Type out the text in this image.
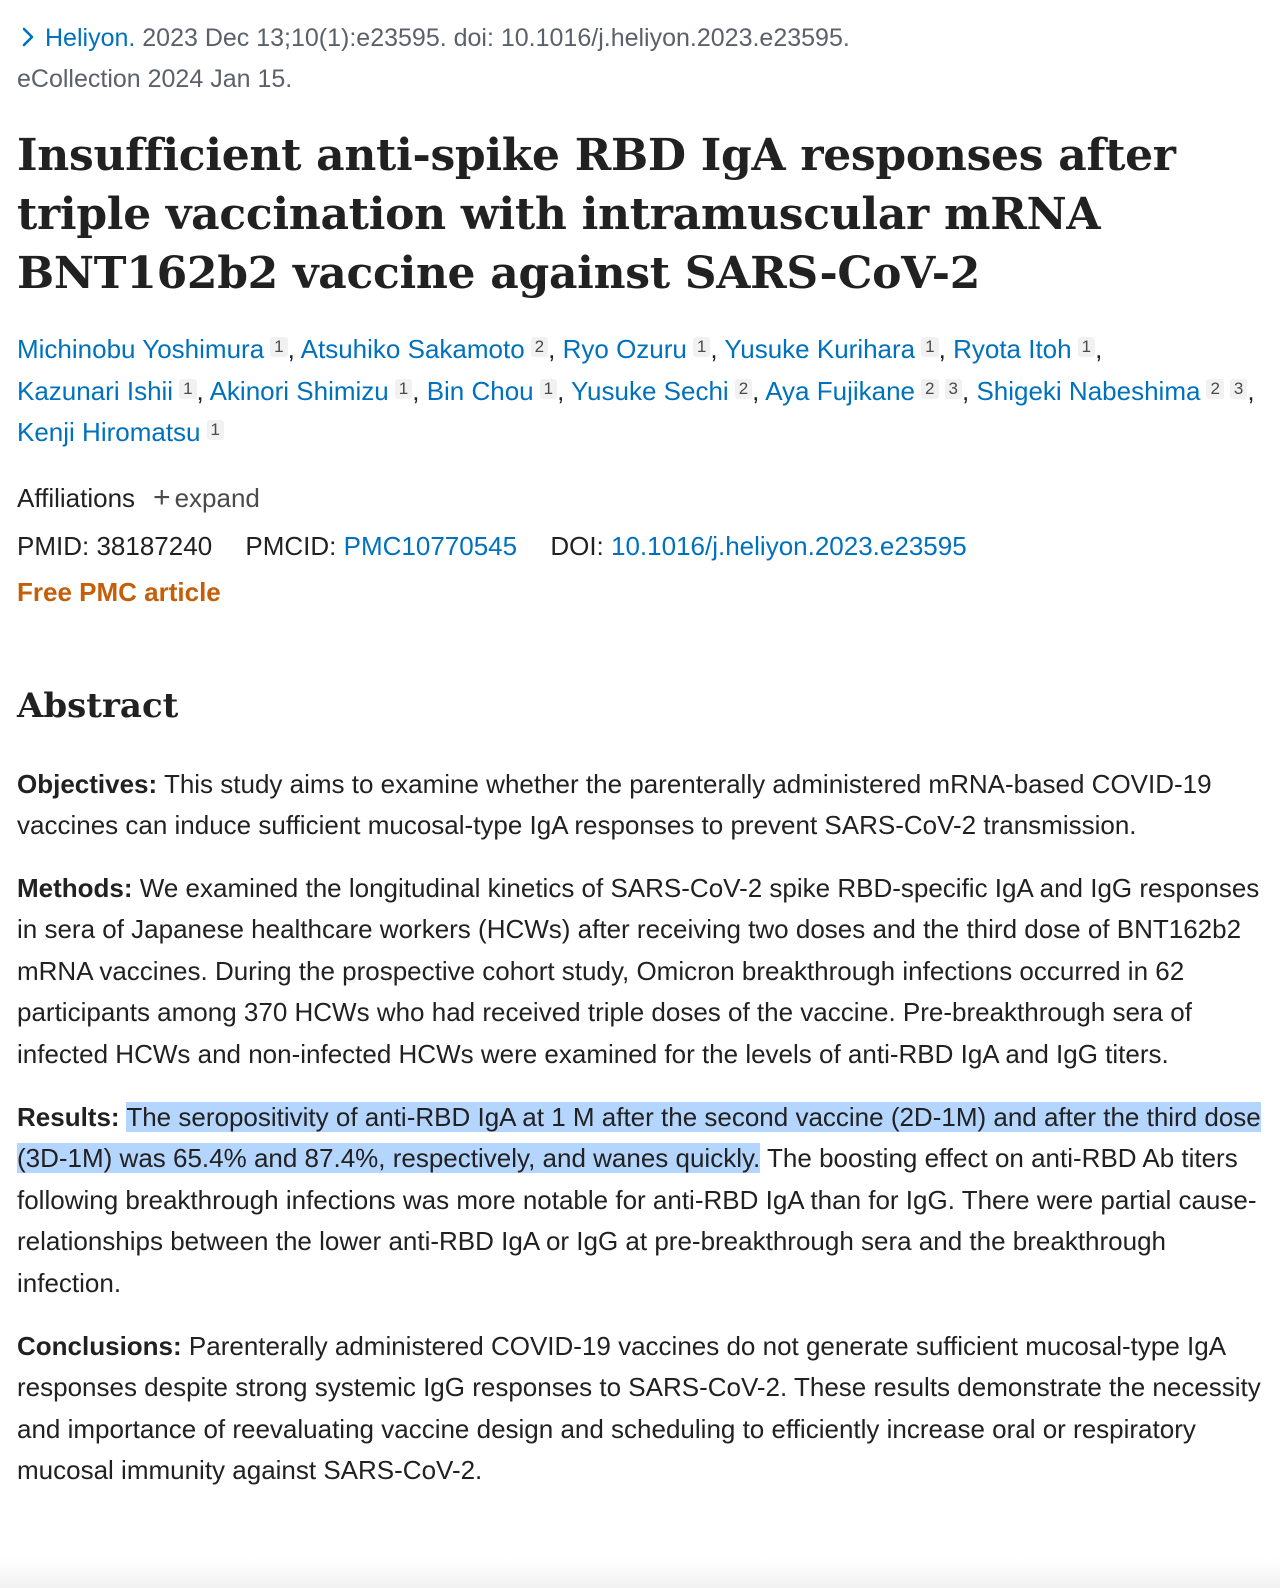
Heliyon. 2023 Dec 13;10(1):e23595. doi: 10.1016/j.heliyon.2023.e23595.
eCollection 2024 Jan 15.
Insufficient anti-spike RBD IgA responses after triple vaccination with intramuscular mRNA BNT162b2 vaccine against SARS-CoV-2
Michinobu Yoshimura 1 , Atsuhiko Sakamoto 2 , Ryo Ozuru 1 , Yusuke Kurihara 1 , Ryota Itoh 1 , Kazunari Ishii 1 , Akinori Shimizu 1 , Bin Chou 1 , Yusuke Sechi 2 , Aya Fujikane 2 3 , Shigeki Nabeshima 2 3 , Kenji Hiromatsu 1
Affiliations + expand
PMID: 38187240 PMCID: PMC10770545 DOI: 10.1016/j.heliyon.2023.e23595
Free PMC article
Abstract

Objectives: This study aims to examine whether the parenterally administered mRNA-based COVID-19 vaccines can induce sufficient mucosal-type IgA responses to prevent SARS-CoV-2 transmission.

Methods: We examined the longitudinal kinetics of SARS-CoV-2 spike RBD-specific IgA and IgG responses in sera of Japanese healthcare workers (HCWs) after receiving two doses and the third dose of BNT162b2 mRNA vaccines. During the prospective cohort study, Omicron breakthrough infections occurred in 62 participants among 370 HCWs who had received triple doses of the vaccine. Pre-breakthrough sera of infected HCWs and non-infected HCWs were examined for the levels of anti-RBD IgA and IgG titers.

Results: The seropositivity of anti-RBD IgA at 1 M after the second vaccine (2D-1M) and after the third dose (3D-1M) was 65.4% and 87.4%, respectively, and wanes quickly. The boosting effect on anti-RBD Ab titers following breakthrough infections was more notable for anti-RBD IgA than for IgG. There were partial cause-relationships between the lower anti-RBD IgA or IgG at pre-breakthrough sera and the breakthrough infection.

Conclusions: Parenterally administered COVID-19 vaccines do not generate sufficient mucosal-type IgA responses despite strong systemic IgG responses to SARS-CoV-2. These results demonstrate the necessity and importance of reevaluating vaccine design and scheduling to efficiently increase oral or respiratory mucosal immunity against SARS-CoV-2.
